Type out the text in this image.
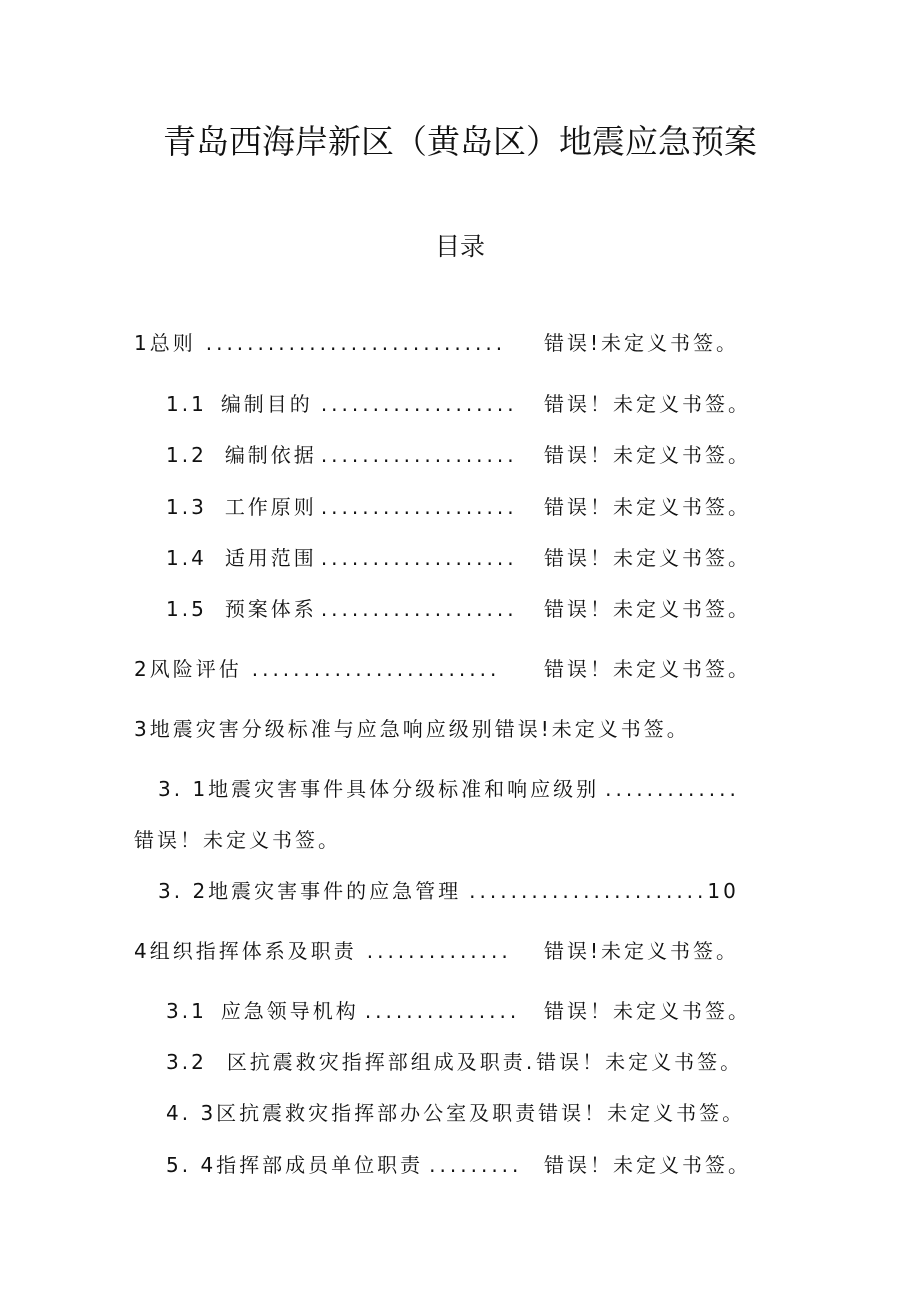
青岛西海岸新区（黄岛区）地震应急预案
目录
1 总则 ............................. 错误!未定义书签。
1.1 编制目的 ................... 错误！未定义书签。
1.2 编制依据 ................... 错误！未定义书签。
1.3 工作原则 ................... 错误！未定义书签。
1.4 适用范围 ................... 错误！未定义书签。
1.5 预案体系 ................... 错误！未定义书签。
2 风险评估 ........................ 错误！未定义书签。
3 地震灾害分级标准与应急响应级别 错误!未定义书签。
3. 1 地震灾害事件具体分级标准和响应级别 .............
错误！未定义书签。
3. 2 地震灾害事件的应急管理 ....................... 10
4 组织指挥体系及职责 .............. 错误!未定义书签。
3.1 应急领导机构 ............... 错误！未定义书签。
3.2 区抗震救灾指挥部组成及职责 . 错误！未定义书签。
4. 3 区抗震救灾指挥部办公室及职责 错误！未定义书签。
5. 4 指挥部成员单位职责 ......... 错误！未定义书签。
